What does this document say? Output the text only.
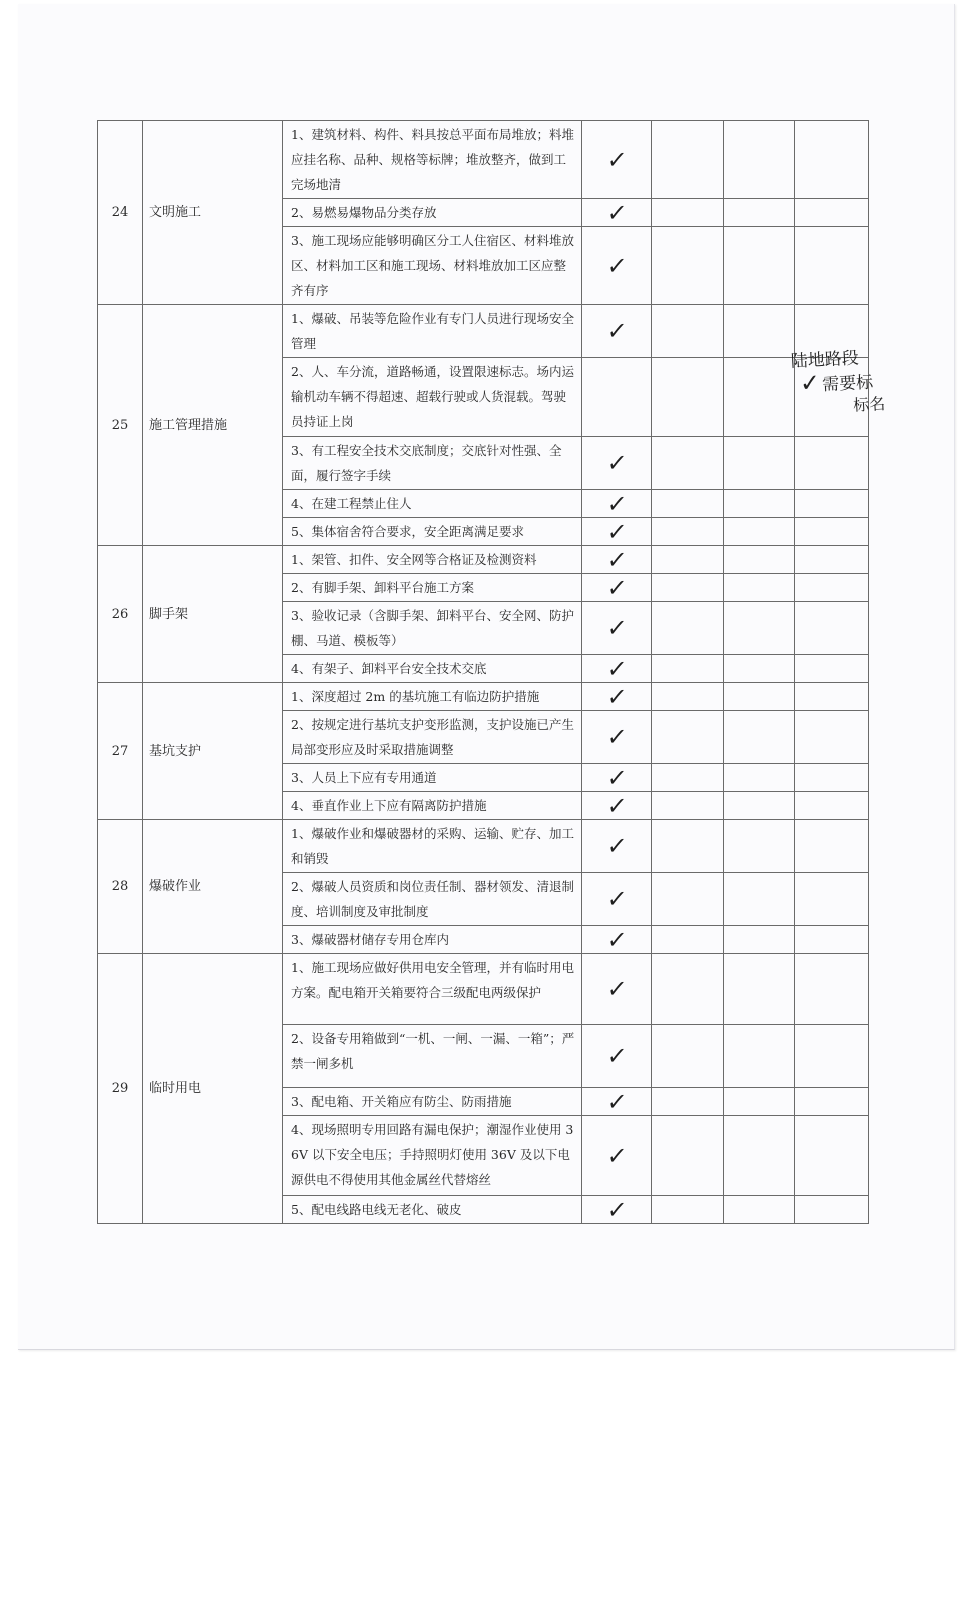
24	文明施工	1、建筑材料、构件、料具按总平面布局堆放；料堆应挂名称、品种、规格等标牌；堆放整齐，做到工完场地清	✓			
		2、易燃易爆物品分类存放	✓			
		3、施工现场应能够明确区分工人住宿区、材料堆放区、材料加工区和施工现场、材料堆放加工区应整齐有序	✓			
25	施工管理措施	1、爆破、吊装等危险作业有专门人员进行现场安全管理	✓			
		2、人、车分流，道路畅通，设置限速标志。场内运输机动车辆不得超速、超载行驶或人货混载。驾驶员持证上岗				
		3、有工程安全技术交底制度；交底针对性强、全面，履行签字手续	✓			
		4、在建工程禁止住人	✓			
		5、集体宿舍符合要求，安全距离满足要求	✓			
26	脚手架	1、架管、扣件、安全网等合格证及检测资料	✓			
		2、有脚手架、卸料平台施工方案	✓			
		3、验收记录（含脚手架、卸料平台、安全网、防护棚、马道、模板等）	✓			
		4、有架子、卸料平台安全技术交底	✓			
27	基坑支护	1、深度超过 2m 的基坑施工有临边防护措施	✓			
		2、按规定进行基坑支护变形监测，支护设施已产生局部变形应及时采取措施调整	✓			
		3、人员上下应有专用通道	✓			
		4、垂直作业上下应有隔离防护措施	✓			
28	爆破作业	1、爆破作业和爆破器材的采购、运输、贮存、加工和销毁	✓			
		2、爆破人员资质和岗位责任制、器材领发、清退制度、培训制度及审批制度	✓			
		3、爆破器材储存专用仓库内	✓			
29	临时用电	1、施工现场应做好供用电安全管理，并有临时用电方案。配电箱开关箱要符合三级配电两级保护	✓			
		2、设备专用箱做到“一机、一闸、一漏、一箱”；严禁一闸多机	✓			
		3、配电箱、开关箱应有防尘、防雨措施	✓			
		4、现场照明专用回路有漏电保护；潮湿作业使用 36V 以下安全电压；手持照明灯使用 36V 及以下电源供电不得使用其他金属丝代替熔丝	✓			
		5、配电线路电线无老化、破皮	✓			
陆地路段
✓需要标
标名
